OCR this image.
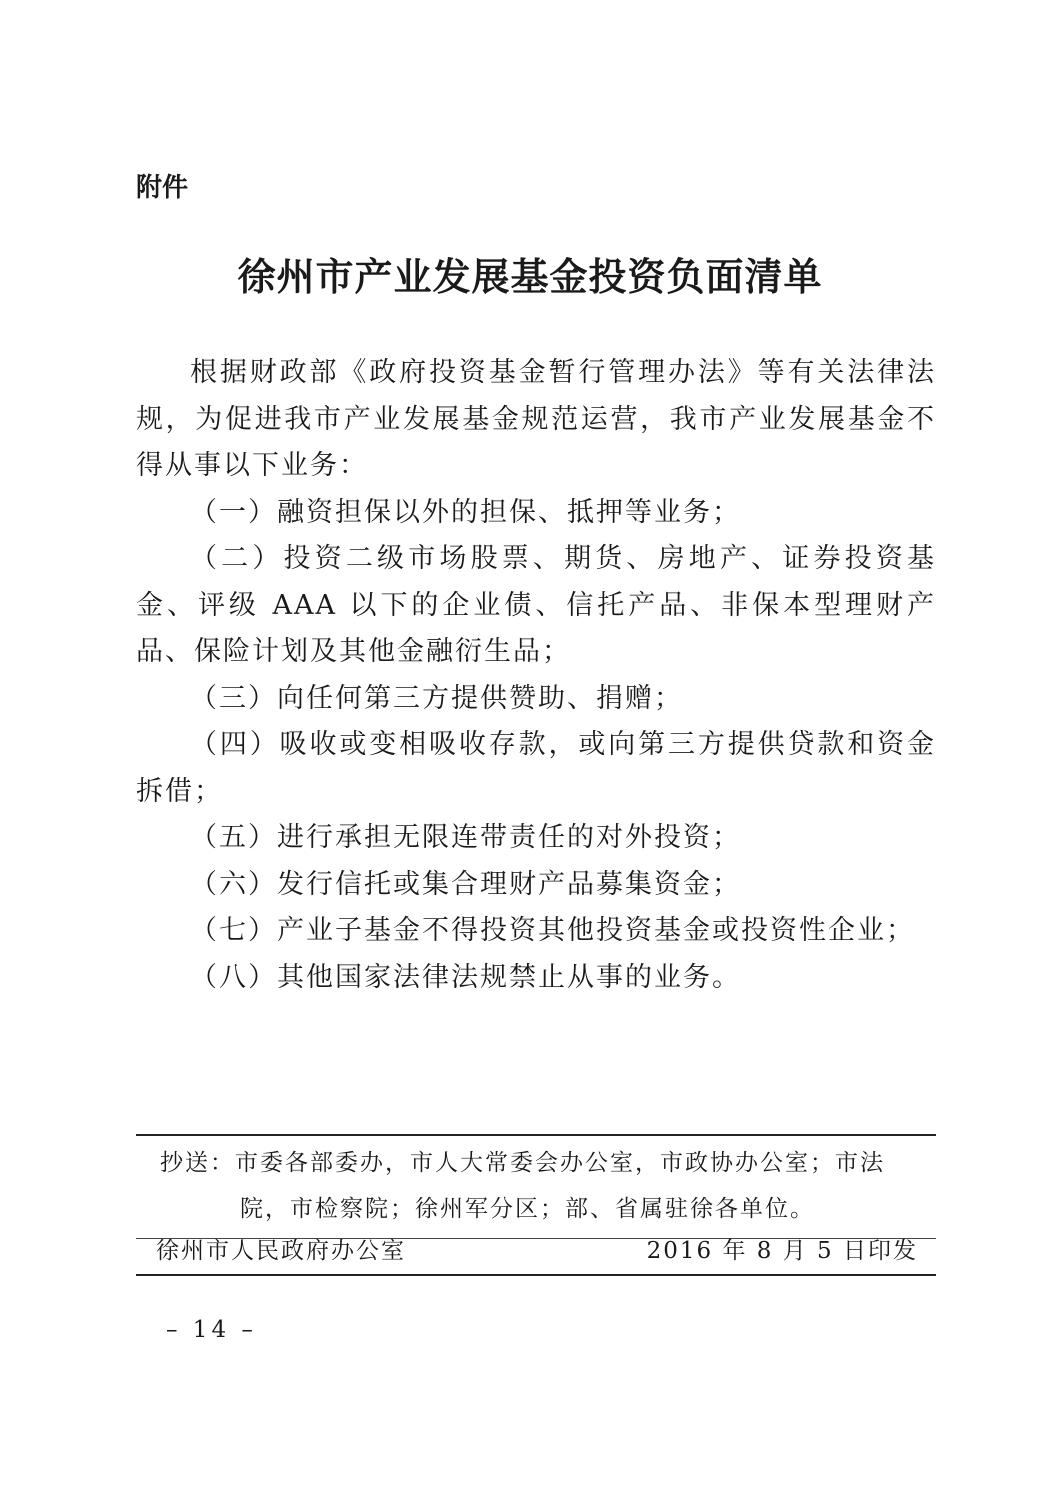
附件
徐州市产业发展基金投资负面清单

根据财政部《政府投资基金暂行管理办法》等有关法律法规，为促进我市产业发展基金规范运营，我市产业发展基金不得从事以下业务：

（一）融资担保以外的担保、抵押等业务；

（二）投资二级市场股票、期货、房地产、证券投资基金、评级 AAA 以下的企业债、信托产品、非保本型理财产品、保险计划及其他金融衍生品；

（三）向任何第三方提供赞助、捐赠；

（四）吸收或变相吸收存款，或向第三方提供贷款和资金拆借；

（五）进行承担无限连带责任的对外投资；

（六）发行信托或集合理财产品募集资金；

（七）产业子基金不得投资其他投资基金或投资性企业；

（八）其他国家法律法规禁止从事的业务。

抄送：市委各部委办，市人大常委会办公室，市政协办公室；市法
院，市检察院；徐州军分区；部、省属驻徐各单位。
徐州市人民政府办公室	2016 年 8 月 5 日印发
– 14 –
